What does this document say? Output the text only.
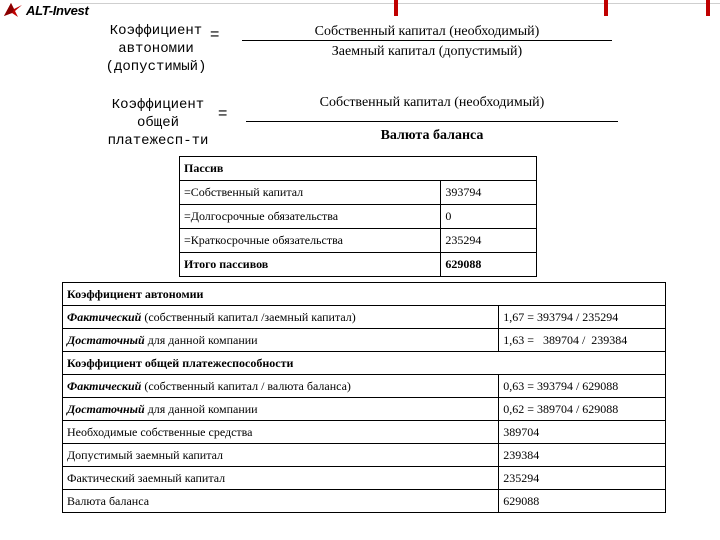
ALT-Invest
Коэффициент
автономии
(допустимый)
=	Собственный капитал (необходимый)
Заемный капитал (допустимый)
Коэффициент
общей
платежесп-ти
=
Собственный капитал (необходимый)
Валюта баланса
Пассив	
=Собственный капитал	393794
=Долгосрочные обязательства	0
=Краткосрочные обязательства	235294
Итого пассивов	629088
Коэффициент автономии	
Фактический (собственный капитал /заемный капитал)	1,67 = 393794 / 235294
Достаточный для данной компании	1,63 =   389704 /  239384
Коэффициент общей платежеспособности	
Фактический (собственный капитал / валюта баланса)	0,63 = 393794 / 629088
Достаточный для данной компании	0,62 = 389704 / 629088
Необходимые собственные средства	389704
Допустимый заемный капитал	239384
Фактический заемный капитал	235294
Валюта баланса	629088
